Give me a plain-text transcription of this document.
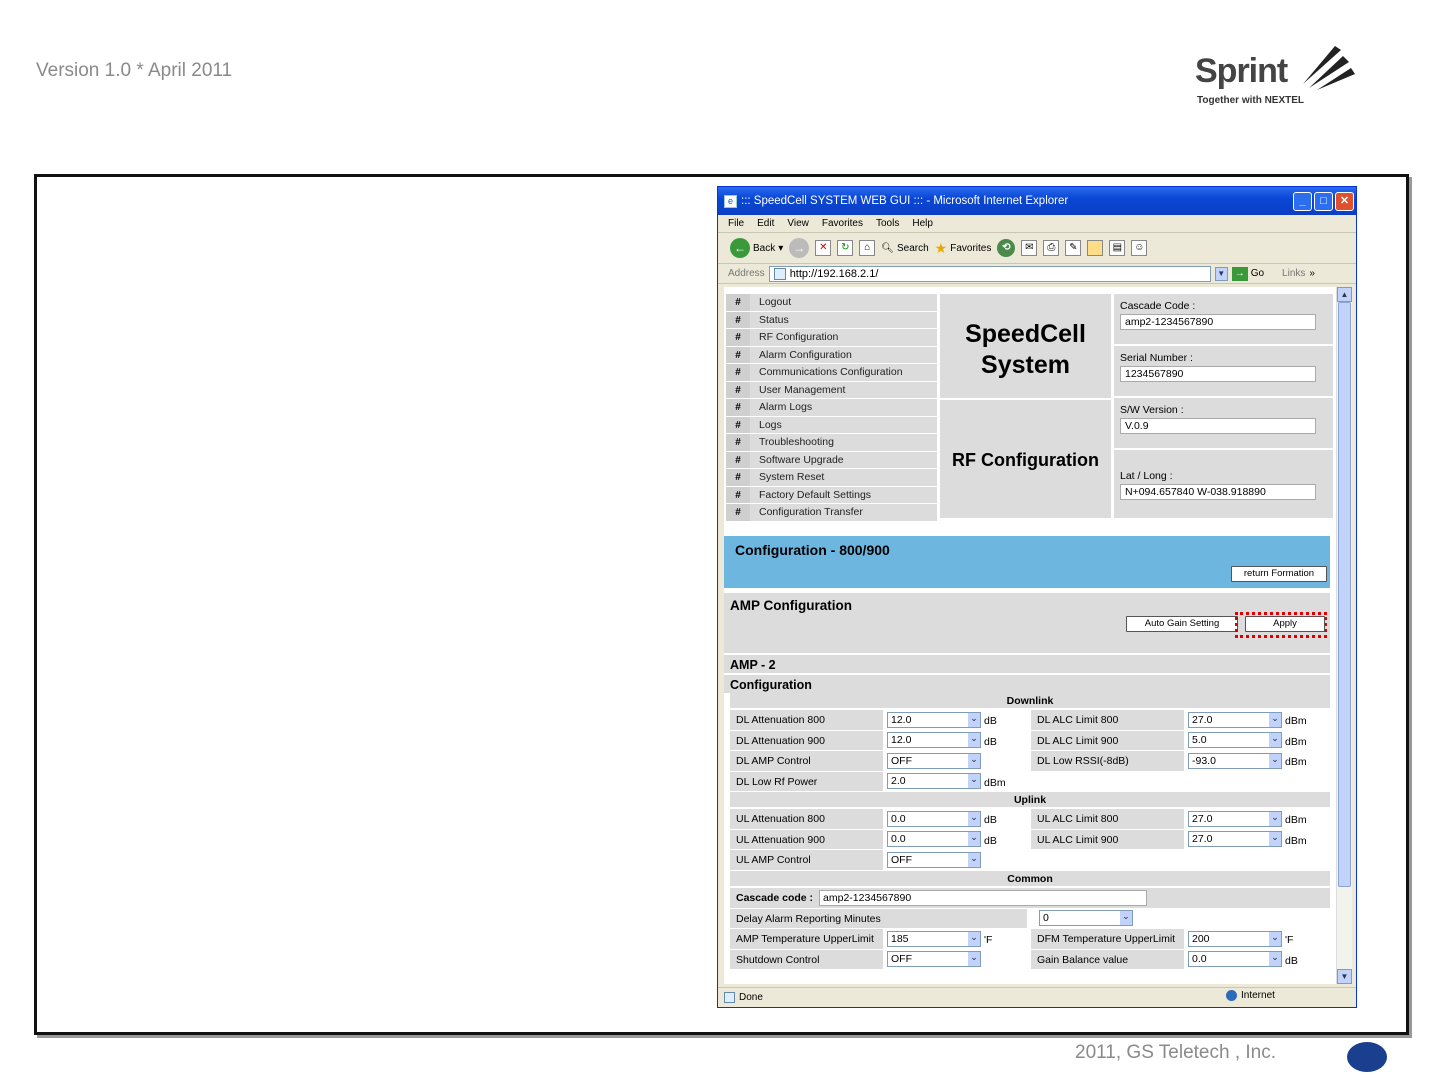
Version 1.0 * April 2011	Sprint
Together with NEXTEL
e ::: SpeedCell SYSTEM WEB GUI ::: - Microsoft Internet Explorer	_	□	✕
File Edit View Favorites Tools Help
← Back ▾ →	✕	↻	⌂	🔍︎ Search ★ Favorites	⟲	✉	⎙	✎	▤	☺
Address http://192.168.2.1/	▼ → Go Links »
#	Logout
#	Status
#	RF Configuration
#	Alarm Configuration
#	Communications Configuration
#	User Management
#	Alarm Logs
#	Logs
#	Troubleshooting
#	Software Upgrade
#	System Reset
#	Factory Default Settings
#	Configuration Transfer
SpeedCell
System
RF Configuration
Cascade Code :
amp2-1234567890
Serial Number :
1234567890
S/W Version :
V.0.9
Lat / Long :
N+094.657840 W-038.918890
Configuration - 800/900
return Formation
AMP Configuration
Auto Gain Setting	Apply
AMP - 2
Configuration
Downlink
DL Attenuation 800	12.0 ⌄	dB	DL ALC Limit 800	27.0 ⌄	dBm
DL Attenuation 900	12.0 ⌄	dB	DL ALC Limit 900	5.0 ⌄	dBm
DL AMP Control	OFF ⌄	DL Low RSSI(-8dB)	-93.0 ⌄	dBm
DL Low Rf Power	2.0 ⌄	dBm
Uplink
UL Attenuation 800	0.0 ⌄	dB	UL ALC Limit 800	27.0 ⌄	dBm
UL Attenuation 900	0.0 ⌄	dB	UL ALC Limit 900	27.0 ⌄	dBm
UL AMP Control	OFF ⌄
Common
Cascade code : amp2-1234567890
Delay Alarm Reporting Minutes	0 ⌄
AMP Temperature UpperLimit	185 ⌄	'F	DFM Temperature UpperLimit	200 ⌄	'F
Shutdown Control	OFF ⌄	Gain Balance value	0.0 ⌄	dB
▲
▼
Done	Internet
2011, GS Teletech , Inc.
